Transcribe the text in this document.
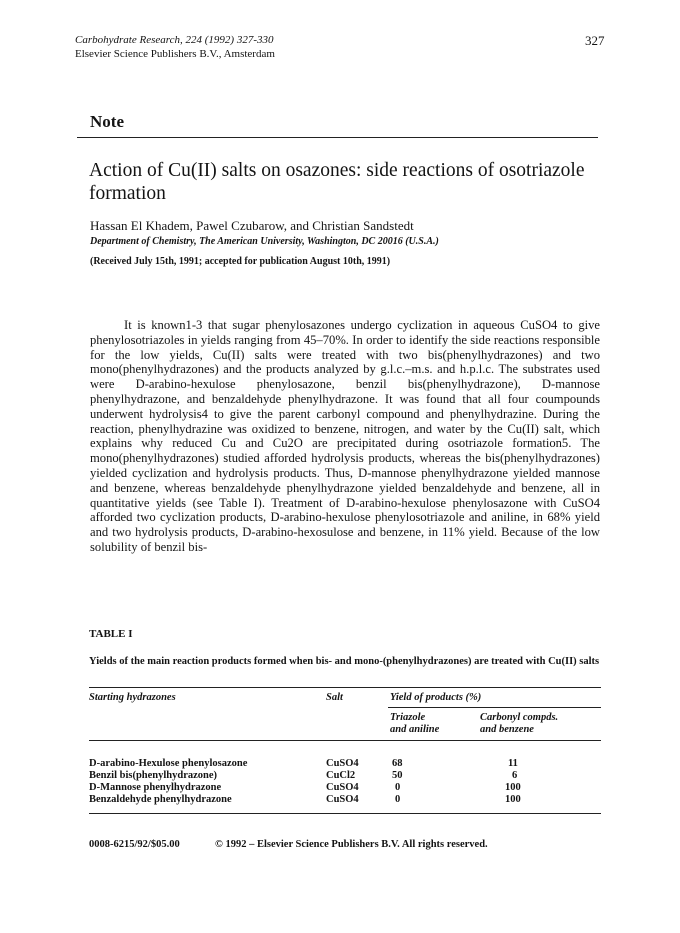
Carbohydrate Research, 224 (1992) 327-330
Elsevier Science Publishers B.V., Amsterdam
327
Note
Action of Cu(II) salts on osazones: side reactions of osotriazole formation
Hassan El Khadem, Pawel Czubarow, and Christian Sandstedt
Department of Chemistry, The American University, Washington, DC 20016 (U.S.A.)
(Received July 15th, 1991; accepted for publication August 10th, 1991)

It is known1-3 that sugar phenylosazones undergo cyclization in aqueous CuSO4 to give phenylosotriazoles in yields ranging from 45–70%. In order to identify the side reactions responsible for the low yields, Cu(II) salts were treated with two bis(phenylhydrazones) and two mono(phenylhydrazones) and the products analyzed by g.l.c.–m.s. and h.p.l.c. The substrates used were D-arabino-hexulose phenylosazone, benzil bis(phenylhydrazone), D-mannose phenylhydrazone, and benzaldehyde phenylhydrazone. It was found that all four coumpounds underwent hydrolysis4 to give the parent carbonyl compound and phenylhydrazine. During the reaction, phenylhydrazine was oxidized to benzene, nitrogen, and water by the Cu(II) salt, which explains why reduced Cu and Cu2O are precipitated during osotriazole formation5. The mono(phenylhydrazones) studied afforded hydrolysis products, whereas the bis(phenylhydrazones) yielded cyclization and hydrolysis products. Thus, D-mannose phenylhydrazone yielded mannose and benzene, whereas benzaldehyde phenylhydrazone yielded benzaldehyde and benzene, all in quantitative yields (see Table I). Treatment of D-arabino-hexulose phenylosazone with CuSO4 afforded two cyclization products, D-arabino-hexulose phenylosotriazole and aniline, in 68% yield and two hydrolysis products, D-arabino-hexosulose and benzene, in 11% yield. Because of the low solubility of benzil bis-

TABLE I
Yields of the main reaction products formed when bis- and mono-(phenylhydrazones) are treated with Cu(II) salts
Starting hydrazones	Salt	Yield of products (%)
Triazole
and aniline
Carbonyl compds.
and benzene
D-arabino-Hexulose phenylosazone	CuSO4	68	11
Benzil bis(phenylhydrazone)	CuCl2	50	6
D-Mannose phenylhydrazone	CuSO4	0	100
Benzaldehyde phenylhydrazone	CuSO4	0	100
0008-6215/92/$05.00	© 1992 – Elsevier Science Publishers B.V. All rights reserved.
